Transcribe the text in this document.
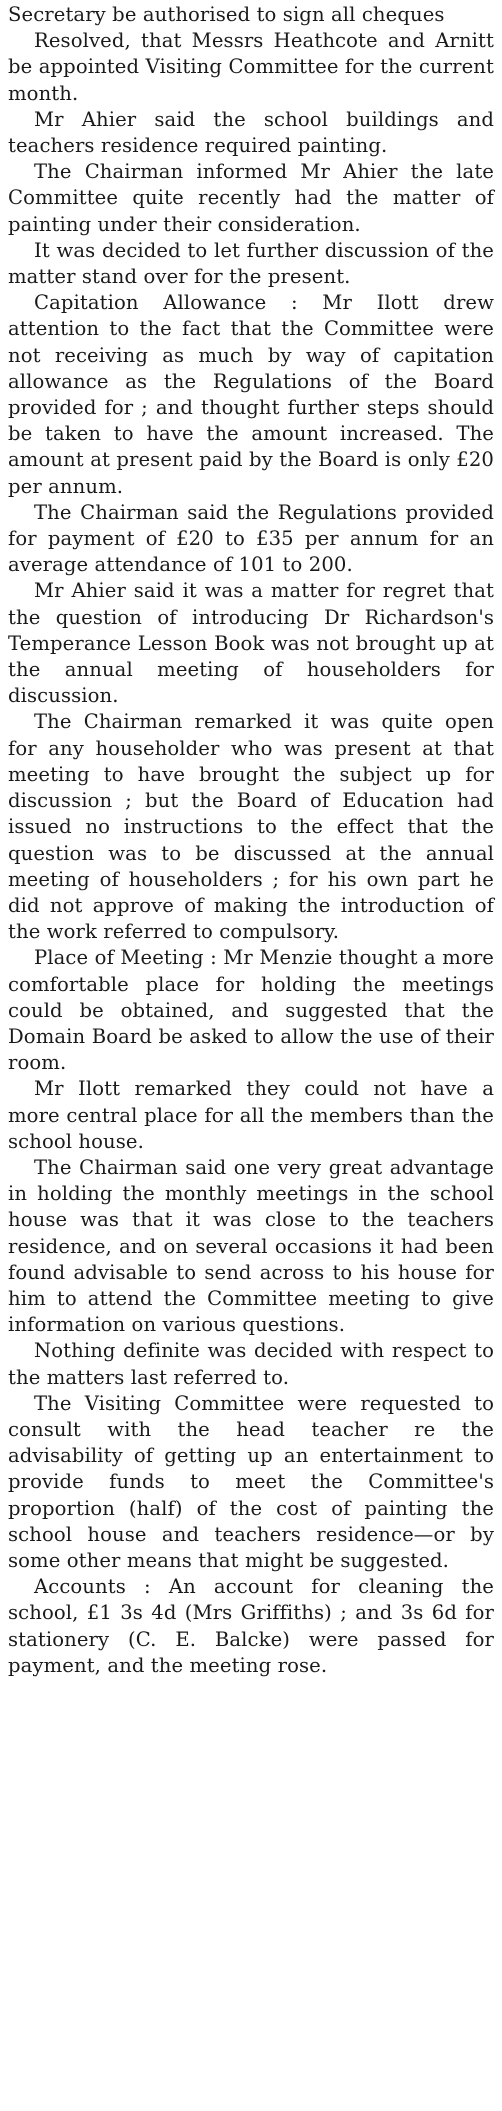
Secretary be authorised to sign all cheques

Resolved, that Messrs Heathcote and Arnitt be appointed Visiting Committee for the current month.

Mr Ahier said the school buildings and teachers residence required painting.

The Chairman informed Mr Ahier the late Committee quite recently had the matter of painting under their consideration.

It was decided to let further discussion of the matter stand over for the present.

Capitation Allowance : Mr Ilott drew attention to the fact that the Committee were not receiving as much by way of capitation allowance as the Regulations of the Board provided for ; and thought further steps should be taken to have the amount increased. The amount at present paid by the Board is only £20 per annum.

The Chairman said the Regulations provided for payment of £20 to £35 per annum for an average attendance of 101 to 200.

Mr Ahier said it was a matter for regret that the question of introducing Dr Richardson's Temperance Lesson Book was not brought up at the annual meeting of householders for discussion.

The Chairman remarked it was quite open for any householder who was present at that meeting to have brought the subject up for discussion ; but the Board of Education had issued no instructions to the effect that the question was to be discussed at the annual meeting of householders ; for his own part he did not approve of making the introduction of the work referred to compulsory.

Place of Meeting : Mr Menzie thought a more comfortable place for holding the meetings could be obtained, and suggested that the Domain Board be asked to allow the use of their room.

Mr Ilott remarked they could not have a more central place for all the members than the school house.

The Chairman said one very great advantage in holding the monthly meetings in the school house was that it was close to the teachers residence, and on several occasions it had been found advisable to send across to his house for him to attend the Committee meeting to give information on various questions.

Nothing definite was decided with respect to the matters last referred to.

The Visiting Committee were requested to consult with the head teacher re the advisability of getting up an entertainment to provide funds to meet the Committee's proportion (half) of the cost of painting the school house and teachers residence—or by some other means that might be suggested.

Accounts : An account for cleaning the school, £1 3s 4d (Mrs Griffiths) ; and 3s 6d for stationery (C. E. Balcke) were passed for payment, and the meeting rose.
